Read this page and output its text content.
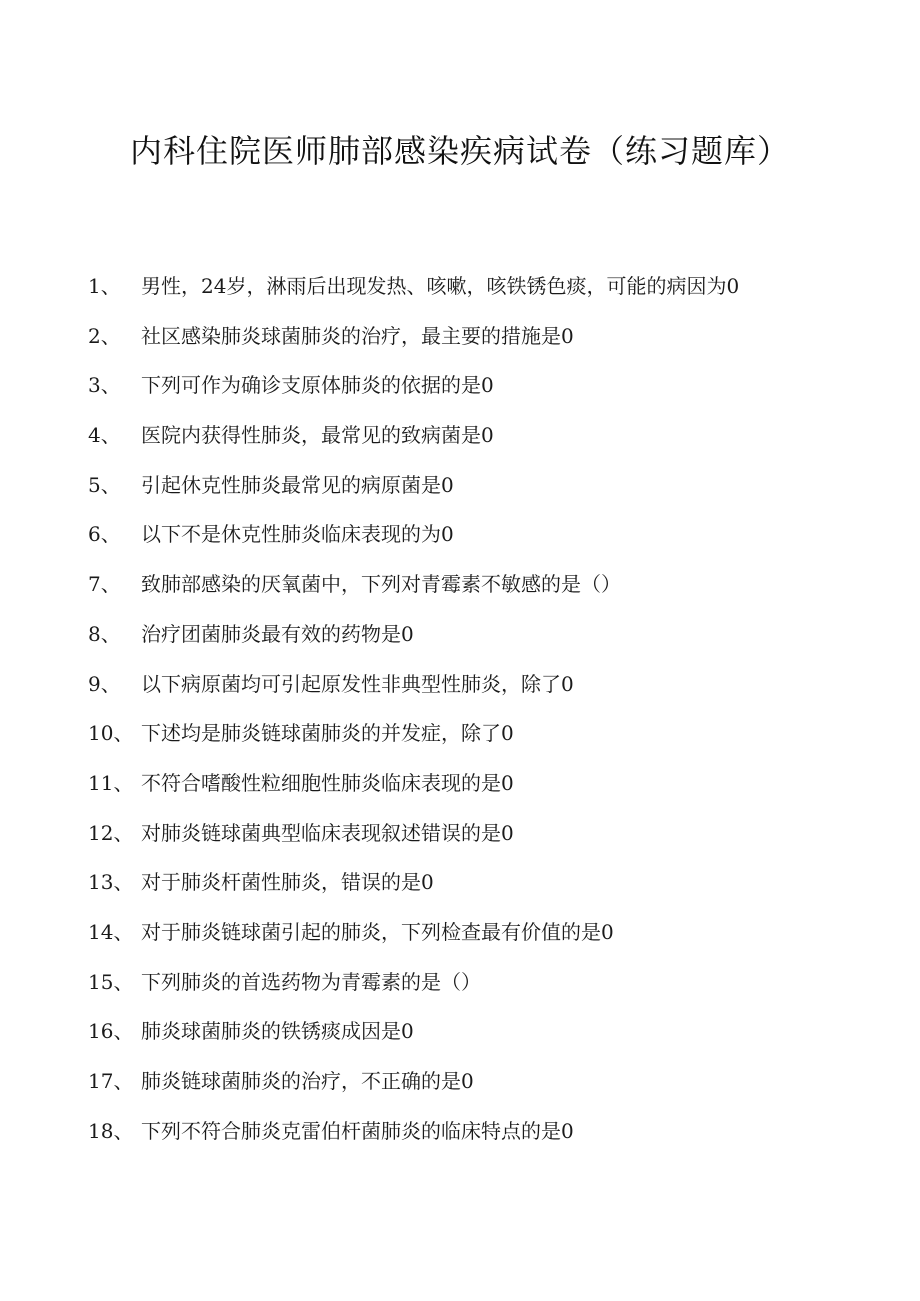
内科住院医师肺部感染疾病试卷（练习题库）
1、 男性，24岁，淋雨后出现发热、咳嗽，咳铁锈色痰，可能的病因为0
2、 社区感染肺炎球菌肺炎的治疗，最主要的措施是0
3、 下列可作为确诊支原体肺炎的依据的是0
4、 医院内获得性肺炎，最常见的致病菌是0
5、 引起休克性肺炎最常见的病原菌是0
6、 以下不是休克性肺炎临床表现的为0
7、 致肺部感染的厌氧菌中，下列对青霉素不敏感的是（）
8、 治疗团菌肺炎最有效的药物是0
9、 以下病原菌均可引起原发性非典型性肺炎，除了0
10、 下述均是肺炎链球菌肺炎的并发症，除了0
11、 不符合嗜酸性粒细胞性肺炎临床表现的是0
12、 对肺炎链球菌典型临床表现叙述错误的是0
13、 对于肺炎杆菌性肺炎，错误的是0
14、 对于肺炎链球菌引起的肺炎，下列检查最有价值的是0
15、 下列肺炎的首选药物为青霉素的是（）
16、 肺炎球菌肺炎的铁锈痰成因是0
17、 肺炎链球菌肺炎的治疗，不正确的是0
18、 下列不符合肺炎克雷伯杆菌肺炎的临床特点的是0
